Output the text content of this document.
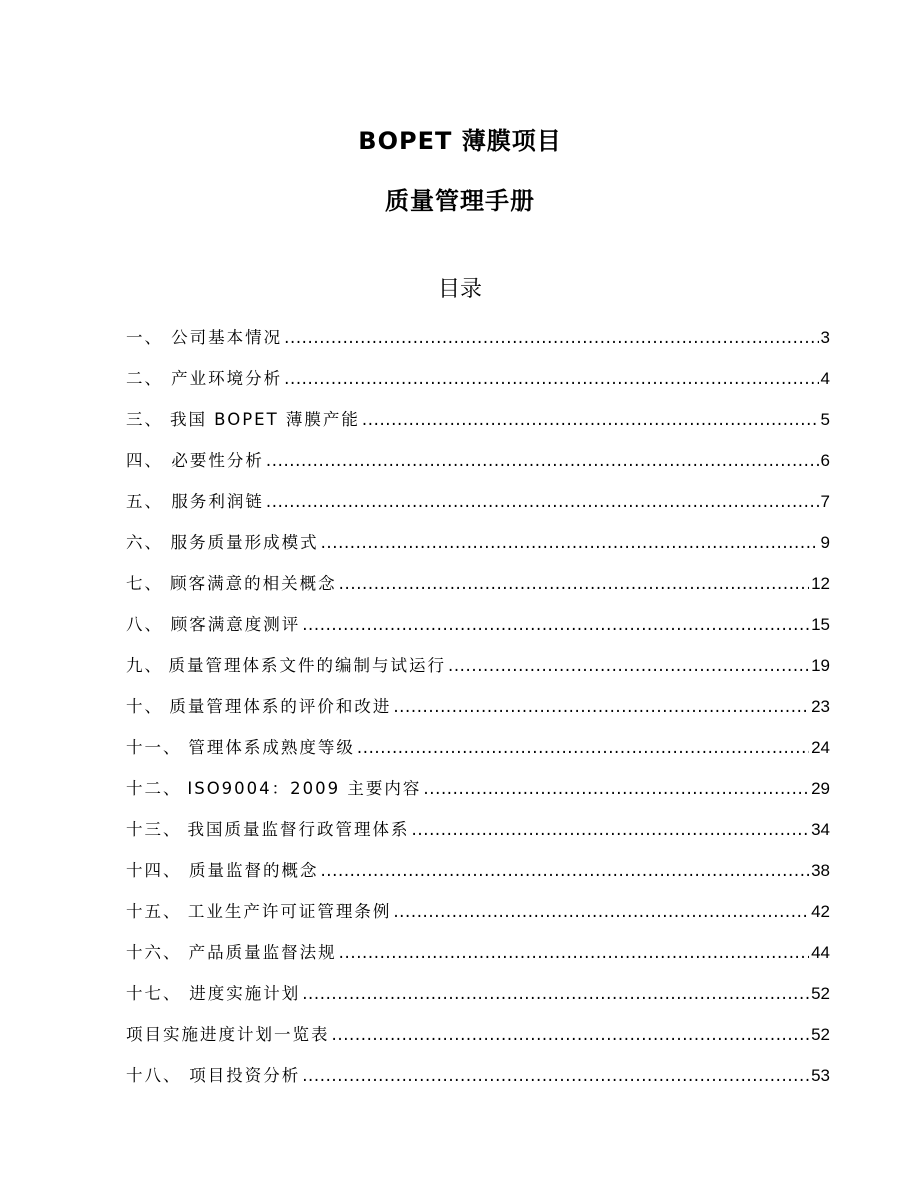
BOPET 薄膜项目
质量管理手册
目录
一、 公司基本情况 .....	3
二、 产业环境分析 .....	4
三、 我国 BOPET 薄膜产能 .....	5
四、 必要性分析 .....	6
五、 服务利润链 .....	7
六、 服务质量形成模式 .....	9
七、 顾客满意的相关概念 .....	12
八、 顾客满意度测评 .....	15
九、 质量管理体系文件的编制与试运行 .....	19
十、 质量管理体系的评价和改进 .....	23
十一、 管理体系成熟度等级 .....	24
十二、 ISO9004：2009 主要内容 .....	29
十三、 我国质量监督行政管理体系 .....	34
十四、 质量监督的概念 .....	38
十五、 工业生产许可证管理条例 .....	42
十六、 产品质量监督法规 .....	44
十七、 进度实施计划 .....	52
项目实施进度计划一览表 .....	52
十八、 项目投资分析 .....	53
